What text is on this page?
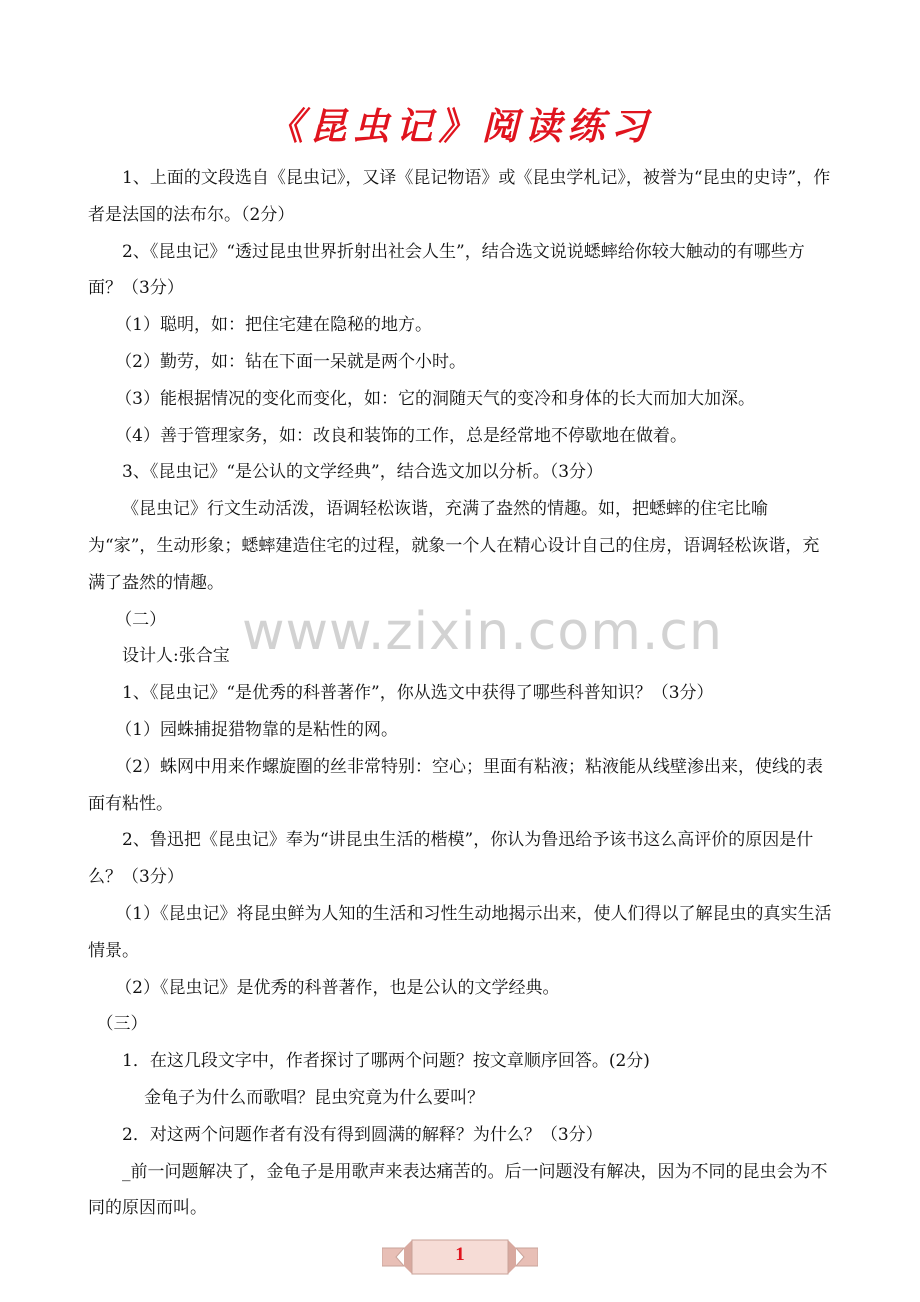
《昆虫记》阅读练习

1、上面的文段选自《昆虫记》，又译《昆记物语》或《昆虫学札记》，被誉为“昆虫的史诗”，作者是法国的法布尔。（2分）

2、《昆虫记》“透过昆虫世界折射出社会人生”，结合选文说说蟋蟀给你较大触动的有哪些方面？（3分）

（1）聪明，如：把住宅建在隐秘的地方。

（2）勤劳，如：钻在下面一呆就是两个小时。

（3）能根据情况的变化而变化，如：它的洞随天气的变冷和身体的长大而加大加深。

（4）善于管理家务，如：改良和装饰的工作，总是经常地不停歇地在做着。

3、《昆虫记》“是公认的文学经典”，结合选文加以分析。（3分）

《昆虫记》行文生动活泼，语调轻松诙谐，充满了盎然的情趣。如，把蟋蟀的住宅比喻为“家”，生动形象；蟋蟀建造住宅的过程，就象一个人在精心设计自己的住房，语调轻松诙谐，充满了盎然的情趣。

（二）

设计人:张合宝

1、《昆虫记》“是优秀的科普著作”，你从选文中获得了哪些科普知识？（3分）

（1）园蛛捕捉猎物靠的是粘性的网。

（2）蛛网中用来作螺旋圈的丝非常特别：空心；里面有粘液；粘液能从线壁渗出来，使线的表面有粘性。

2、鲁迅把《昆虫记》奉为“讲昆虫生活的楷模”，你认为鲁迅给予该书这么高评价的原因是什么？（3分）

（1）《昆虫记》将昆虫鲜为人知的生活和习性生动地揭示出来，使人们得以了解昆虫的真实生活情景。

（2）《昆虫记》是优秀的科普著作，也是公认的文学经典。

（三）

1．在这几段文字中，作者探讨了哪两个问题？按文章顺序回答。(2分)

金龟子为什么而歌唱？昆虫究竟为什么要叫？

2．对这两个问题作者有没有得到圆满的解释？为什么？（3分）

_前一问题解决了，金龟子是用歌声来表达痛苦的。后一问题没有解决，因为不同的昆虫会为不同的原因而叫。

www.zixin.com.cn
1
